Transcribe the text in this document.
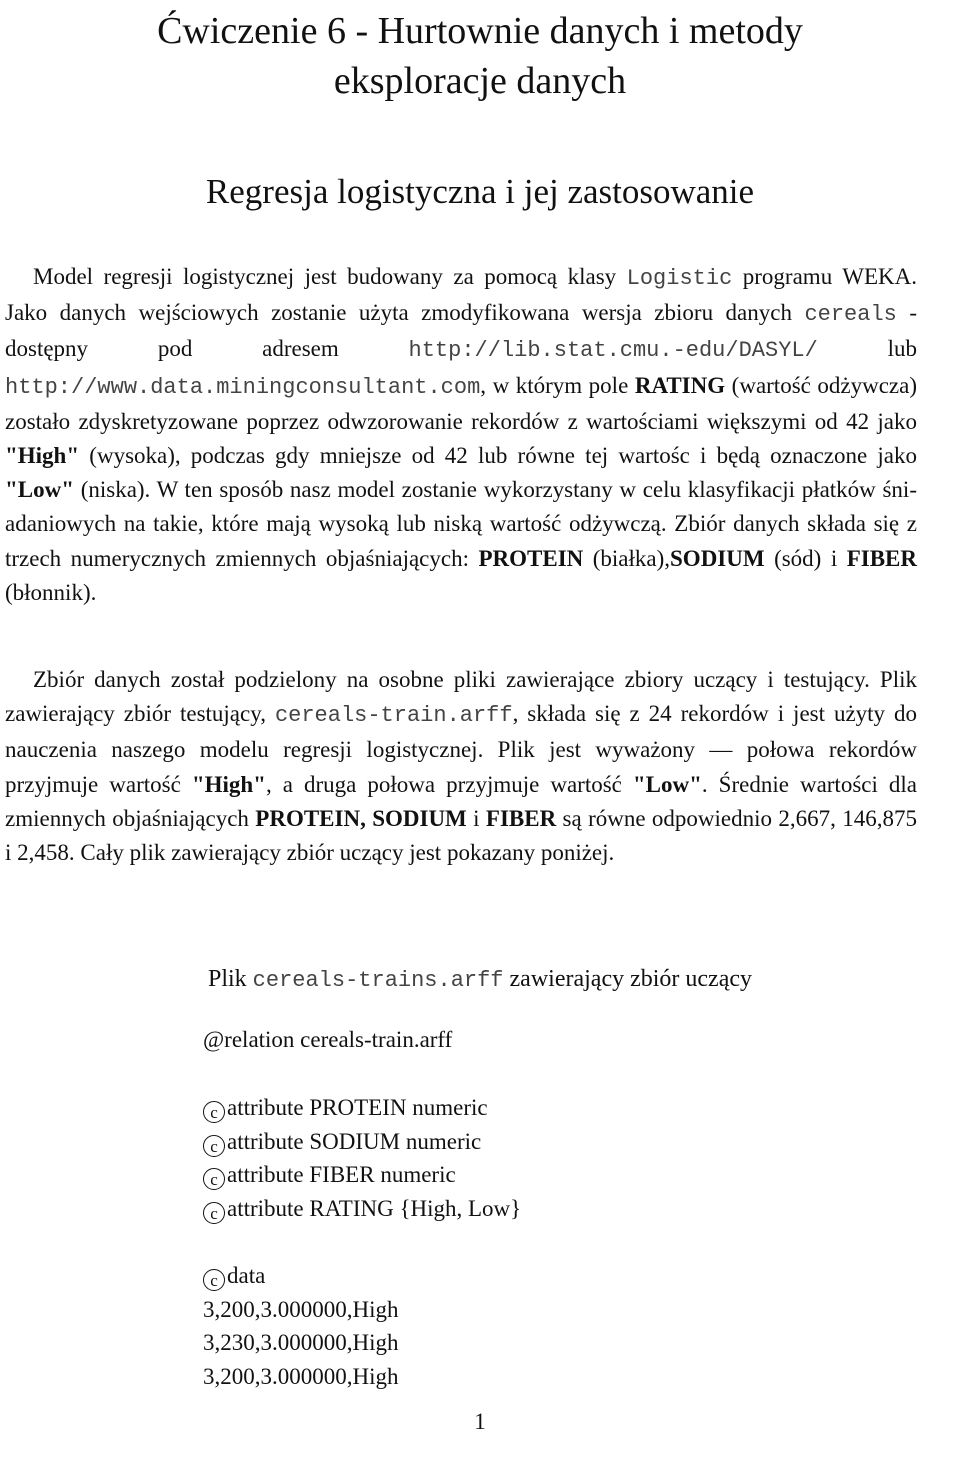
Ćwiczenie 6 - Hurtownie danych i metody
eksploracje danych
Regresja logistyczna i jej zastosowanie

Model regresji logistycznej jest budowany za pomocą klasy Logistic programu WEKA. Jako danych wejściowych zostanie użyta zmodyfikowana wersja zbioru danych cereals - dostępny pod adresem http://lib.stat.cmu.-edu/DASYL/ lub http://www.data.miningconsultant.com, w którym pole RATING (wartość odżywcza) zostało zdyskretyzowane poprzez odwzorowanie rekordów z wartościami większymi od 42 jako "High" (wysoka), podczas gdy mniejsze od 42 lub równe tej wartośc i będą oznaczone jako "Low" (niska). W ten sposób nasz model zostanie wykorzystany w celu klasyfikacji płatków śniadaniowych na takie, które mają wysoką lub niską wartość odżywczą. Zbiór danych składa się z trzech numerycznych zmiennych objaśniających: PROTEIN (białka),SODIUM (sód) i FIBER (błonnik).

Zbiór danych został podzielony na osobne pliki zawierające zbiory uczący i testujący. Plik zawierający zbiór testujący, cereals-train.arff, składa się z 24 rekordów i jest użyty do nauczenia naszego modelu regresji logistycznej. Plik jest wyważony — połowa rekordów przyjmuje wartość "High", a druga połowa przyjmuje wartość "Low". Średnie wartości dla zmiennych objaśniających PROTEIN, SODIUM i FIBER są równe odpowiednio 2,667, 146,875 i 2,458. Cały plik zawierający zbiór uczący jest pokazany poniżej.

Plik cereals-trains.arff zawierający zbiór uczący

@relation cereals-train.arff
c attribute PROTEIN numeric
c attribute SODIUM numeric
c attribute FIBER numeric
c attribute RATING {High, Low}
c data
3,200,3.000000,High
3,230,3.000000,High
3,200,3.000000,High
1
